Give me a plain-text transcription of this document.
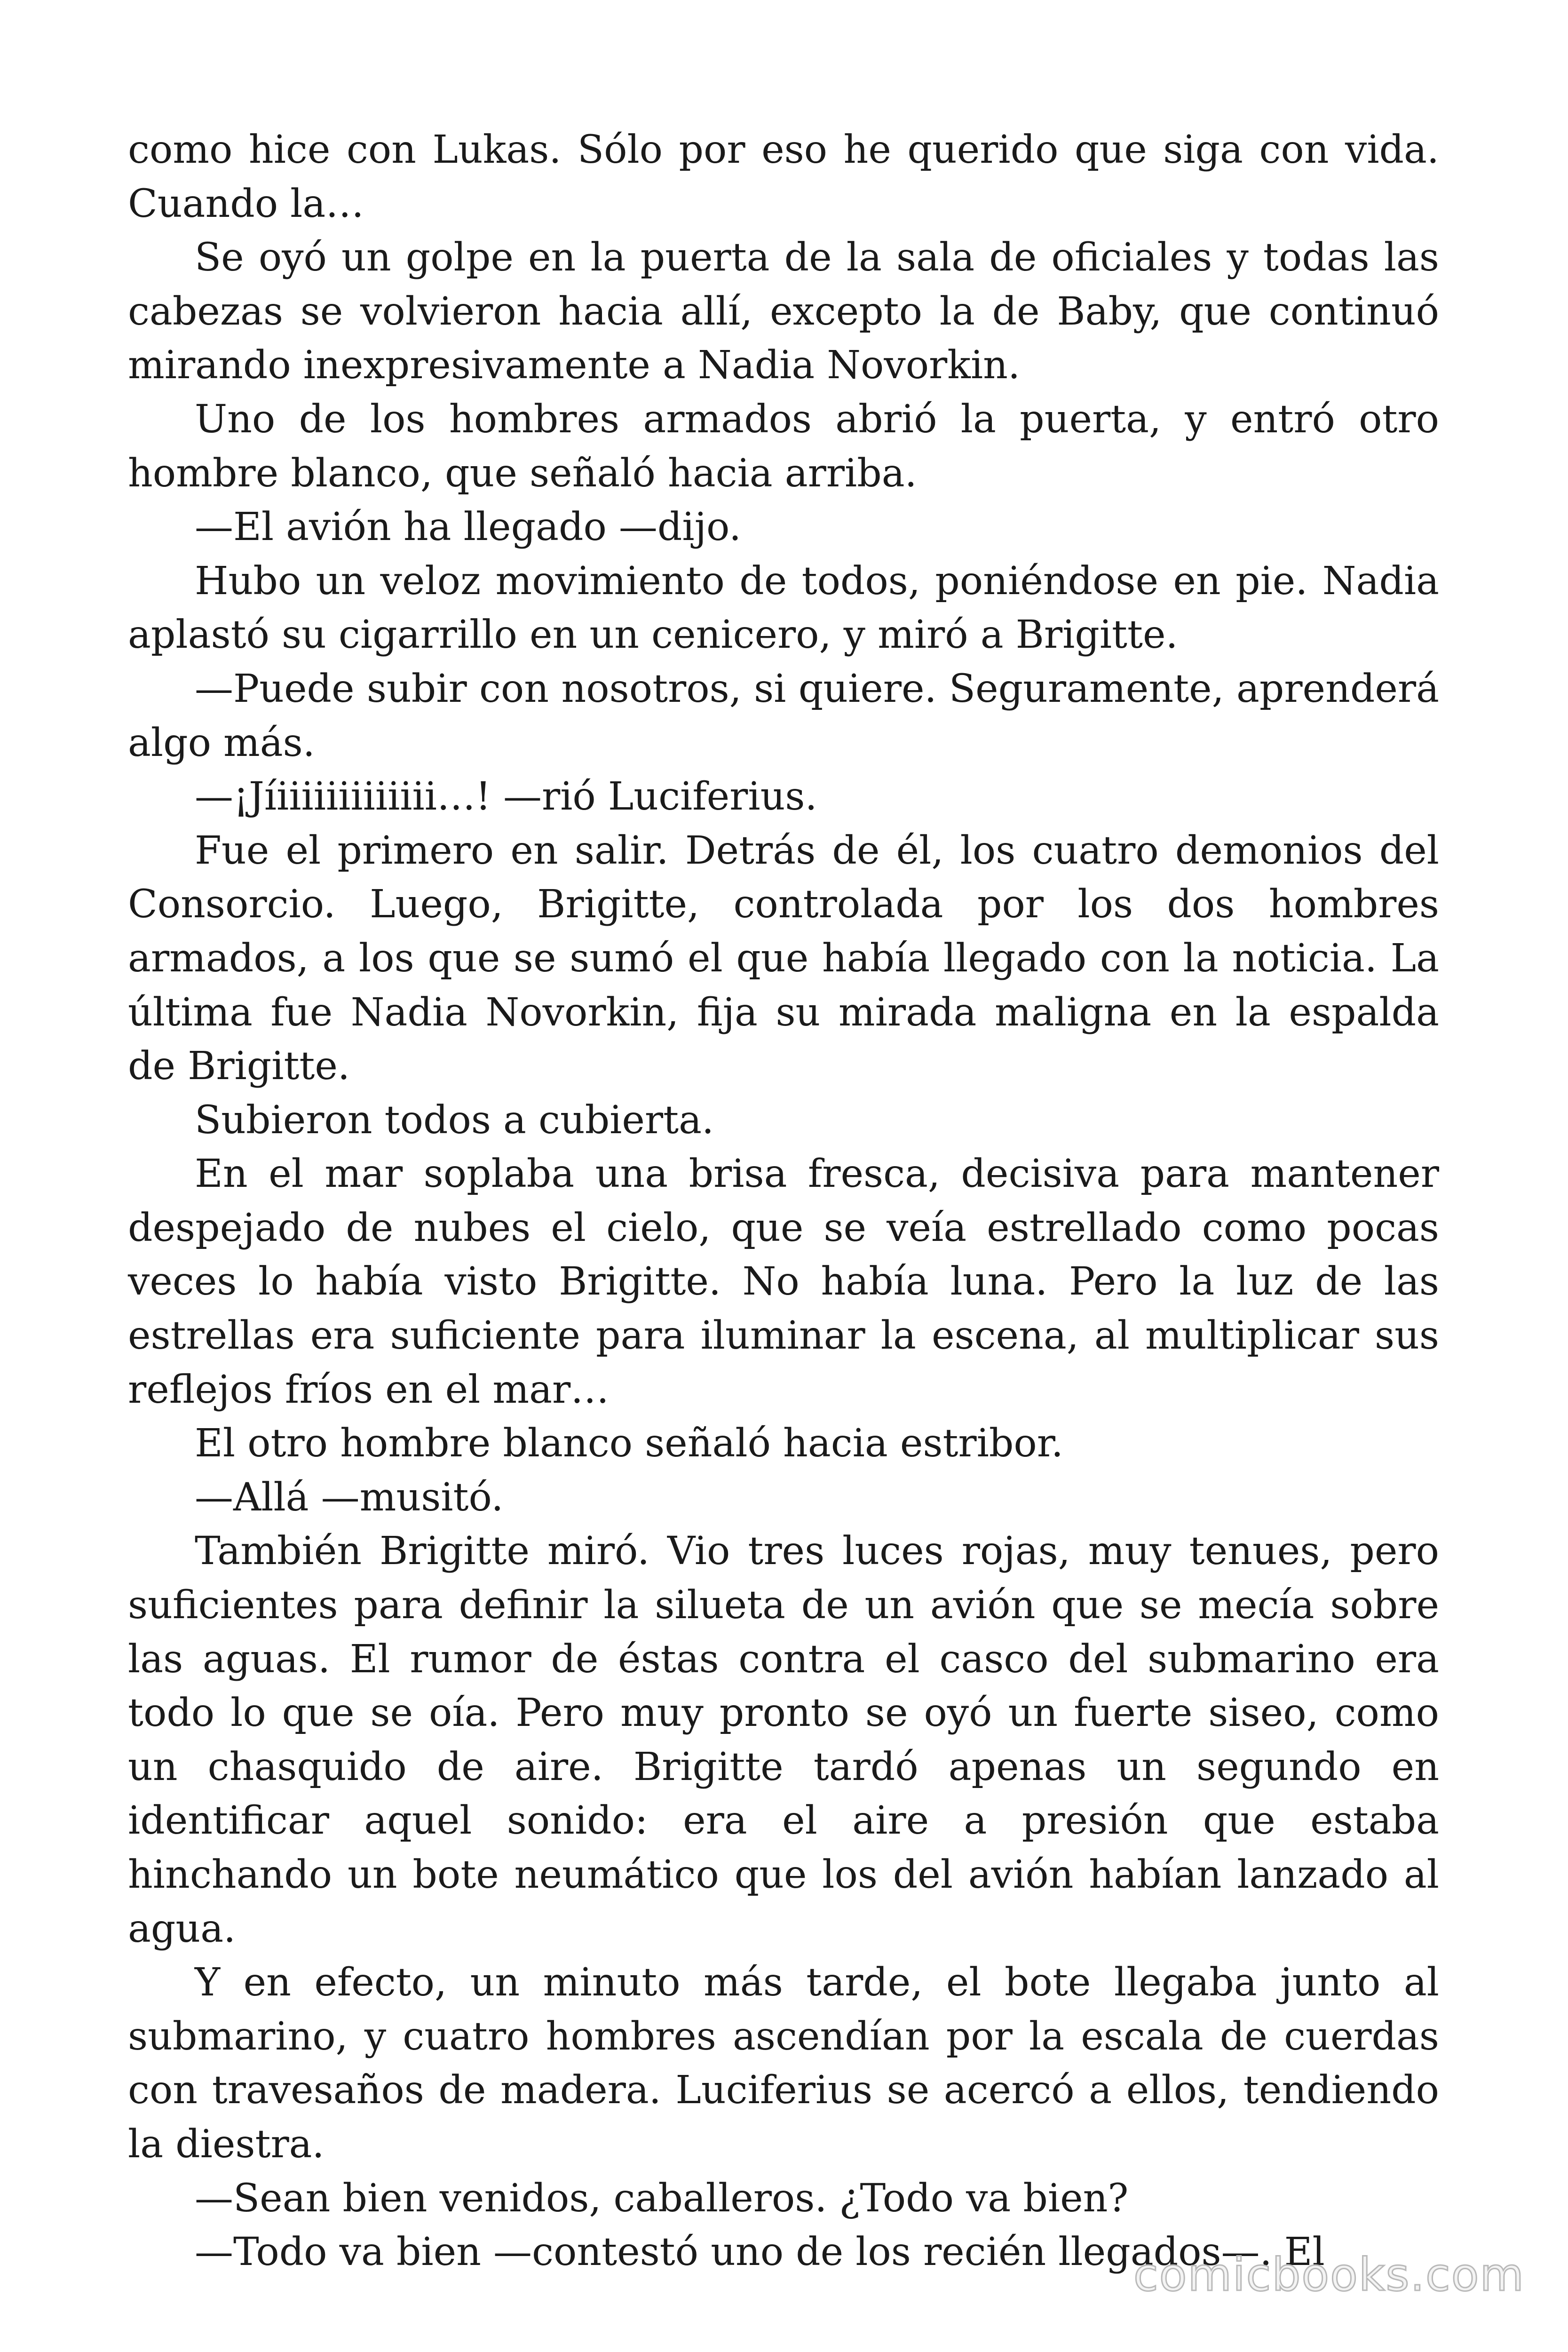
como hice con Lukas. Sólo por eso he querido que siga con vida. Cuando la…

Se oyó un golpe en la puerta de la sala de oficiales y todas las cabezas se volvieron hacia allí, excepto la de Baby, que continuó mirando inexpresivamente a Nadia Novorkin.

Uno de los hombres armados abrió la puerta, y entró otro hombre blanco, que señaló hacia arriba.

—El avión ha llegado —dijo.

Hubo un veloz movimiento de todos, poniéndose en pie. Nadia aplastó su cigarrillo en un cenicero, y miró a Brigitte.

—Puede subir con nosotros, si quiere. Seguramente, aprenderá algo más.

—¡Jíiiiiiiiiiiiii…! —rió Luciferius.

Fue el primero en salir. Detrás de él, los cuatro demonios del Consorcio. Luego, Brigitte, controlada por los dos hombres armados, a los que se sumó el que había llegado con la noticia. La última fue Nadia Novorkin, fija su mirada maligna en la espalda de Brigitte.

Subieron todos a cubierta.

En el mar soplaba una brisa fresca, decisiva para mantener despejado de nubes el cielo, que se veía estrellado como pocas veces lo había visto Brigitte. No había luna. Pero la luz de las estrellas era suficiente para iluminar la escena, al multiplicar sus reflejos fríos en el mar…

El otro hombre blanco señaló hacia estribor.

—Allá —musitó.

También Brigitte miró. Vio tres luces rojas, muy tenues, pero suficientes para definir la silueta de un avión que se mecía sobre las aguas. El rumor de éstas contra el casco del submarino era todo lo que se oía. Pero muy pronto se oyó un fuerte siseo, como un chasquido de aire. Brigitte tardó apenas un segundo en identificar aquel sonido: era el aire a presión que estaba hinchando un bote neumático que los del avión habían lanzado al agua.

Y en efecto, un minuto más tarde, el bote llegaba junto al submarino, y cuatro hombres ascendían por la escala de cuerdas con travesaños de madera. Luciferius se acercó a ellos, tendiendo la diestra.

—Sean bien venidos, caballeros. ¿Todo va bien?

—Todo va bien —contestó uno de los recién llegados—. El

comicbooks.com
